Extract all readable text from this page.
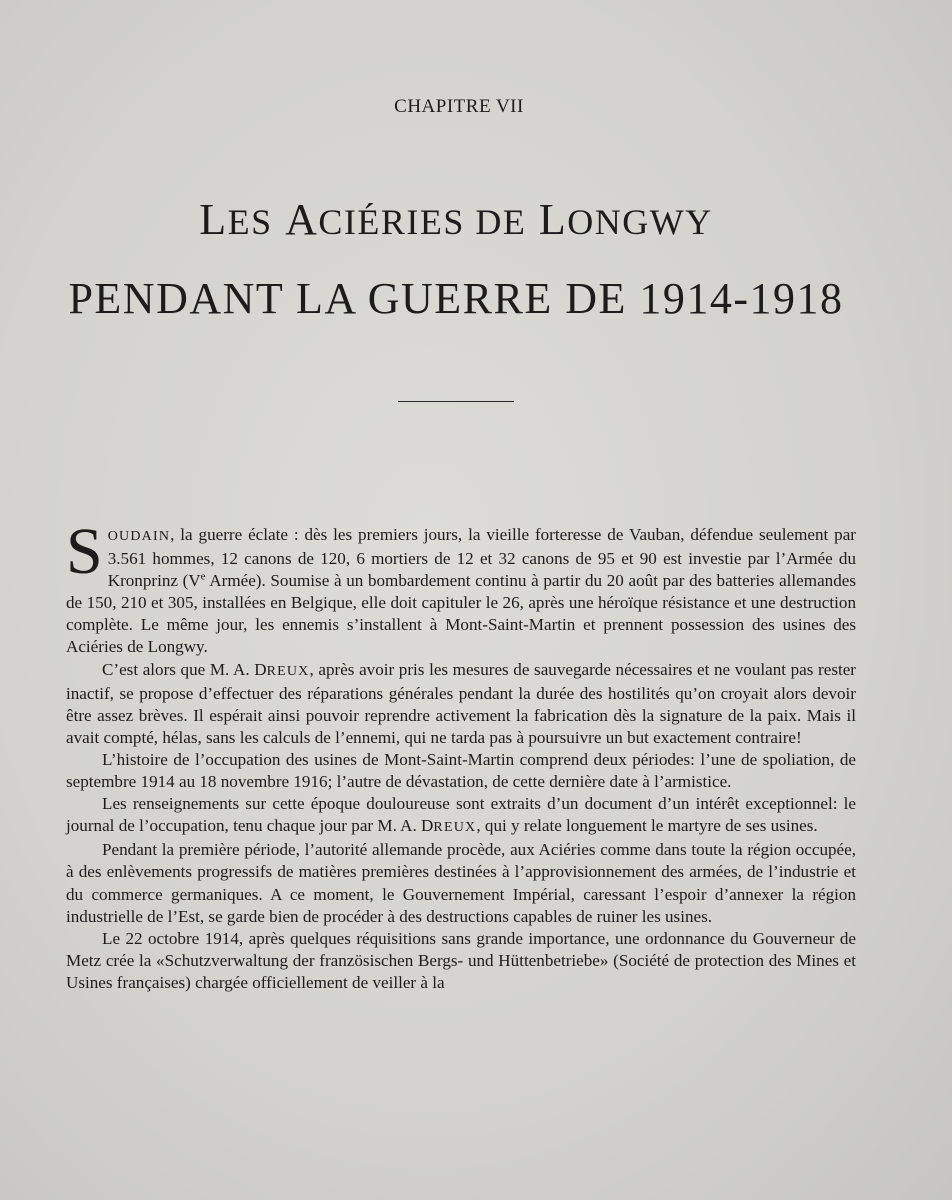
CHAPITRE VII
LES ACIÉRIES DE LONGWY
PENDANT LA GUERRE DE 1914-1918

SOUDAIN, la guerre éclate : dès les premiers jours, la vieille forteresse de Vauban, défendue seulement par 3.561 hommes, 12 canons de 120, 6 mortiers de 12 et 32 canons de 95 et 90 est investie par l’Armée du Kronprinz (Ve Armée). Soumise à un bombardement continu à partir du 20 août par des batteries allemandes de 150, 210 et 305, installées en Belgique, elle doit capituler le 26, après une héroïque résistance et une destruction complète. Le même jour, les ennemis s’installent à Mont-Saint-Martin et prennent possession des usines des Aciéries de Longwy.

C’est alors que M. A. DREUX, après avoir pris les mesures de sauvegarde nécessaires et ne voulant pas rester inactif, se propose d’effectuer des réparations générales pendant la durée des hostilités qu’on croyait alors devoir être assez brèves. Il espérait ainsi pouvoir reprendre activement la fabrication dès la signature de la paix. Mais il avait compté, hélas, sans les calculs de l’ennemi, qui ne tarda pas à poursuivre un but exactement contraire!

L’histoire de l’occupation des usines de Mont-Saint-Martin comprend deux périodes: l’une de spoliation, de septembre 1914 au 18 novembre 1916; l’autre de dévastation, de cette dernière date à l’armistice.

Les renseignements sur cette époque douloureuse sont extraits d’un document d’un intérêt exceptionnel: le journal de l’occupation, tenu chaque jour par M. A. DREUX, qui y relate longuement le martyre de ses usines.

Pendant la première période, l’autorité allemande procède, aux Aciéries comme dans toute la région occupée, à des enlèvements progressifs de matières premières destinées à l’approvisionnement des armées, de l’industrie et du commerce germaniques. A ce moment, le Gouvernement Impérial, caressant l’espoir d’annexer la région industrielle de l’Est, se garde bien de procéder à des destructions capables de ruiner les usines.

Le 22 octobre 1914, après quelques réquisitions sans grande importance, une ordonnance du Gouverneur de Metz crée la «Schutzverwaltung der französischen Bergs- und Hüttenbetriebe» (Société de protection des Mines et Usines françaises) chargée officiellement de veiller à la
